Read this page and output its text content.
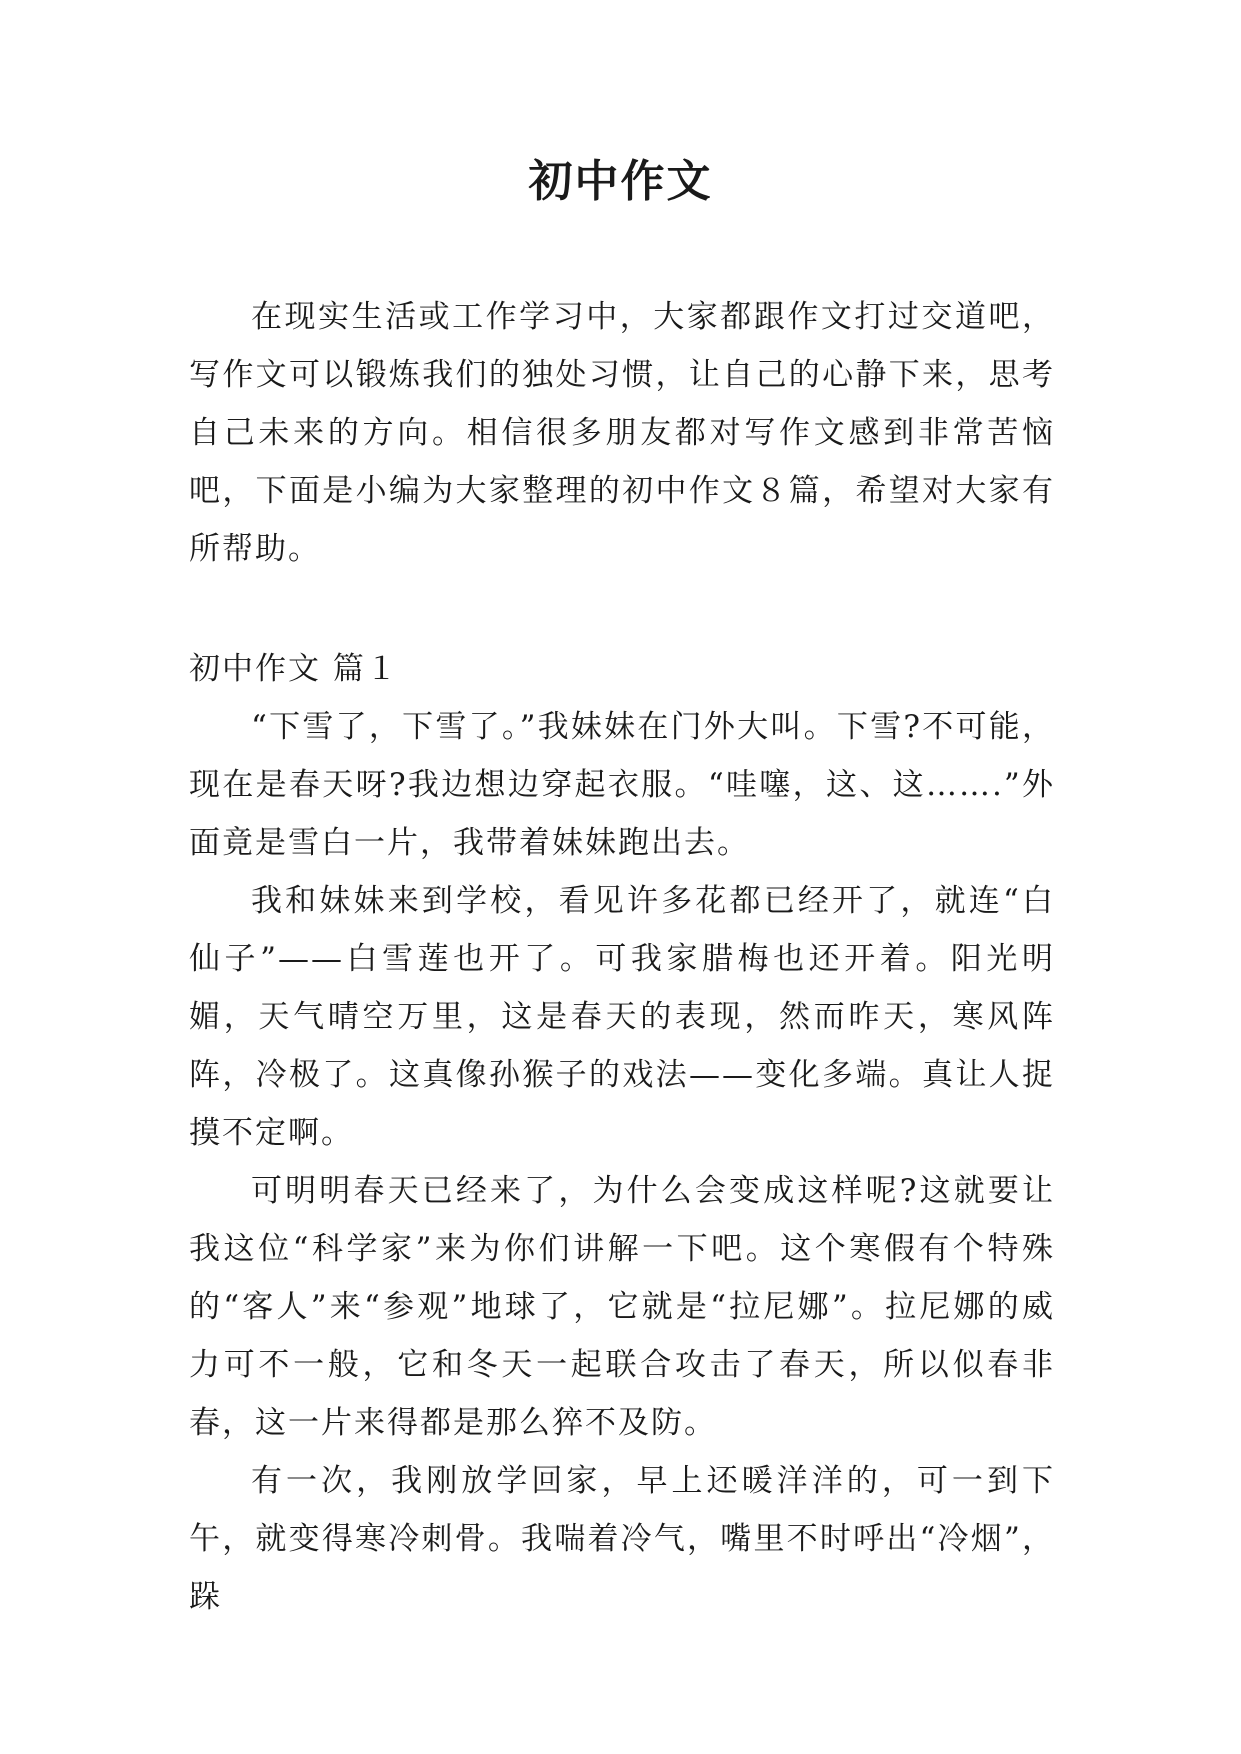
初中作文

在现实生活或工作学习中，大家都跟作文打过交道吧，写作文可以锻炼我们的独处习惯，让自己的心静下来，思考自己未来的方向。相信很多朋友都对写作文感到非常苦恼吧，下面是小编为大家整理的初中作文８篇，希望对大家有所帮助。

初中作文 篇１

“下雪了，下雪了。”我妹妹在门外大叫。下雪?不可能，现在是春天呀?我边想边穿起衣服。“哇噻，这、这…….”外面竟是雪白一片，我带着妹妹跑出去。

我和妹妹来到学校，看见许多花都已经开了，就连“白仙子”——白雪莲也开了。可我家腊梅也还开着。阳光明媚，天气晴空万里，这是春天的表现，然而昨天，寒风阵阵，冷极了。这真像孙猴子的戏法——变化多端。真让人捉摸不定啊。

可明明春天已经来了，为什么会变成这样呢?这就要让我这位“科学家”来为你们讲解一下吧。这个寒假有个特殊的“客人”来“参观”地球了，它就是“拉尼娜”。拉尼娜的威力可不一般，它和冬天一起联合攻击了春天，所以似春非春，这一片来得都是那么猝不及防。

有一次，我刚放学回家，早上还暖洋洋的，可一到下午，就变得寒冷刺骨。我喘着冷气，嘴里不时呼出“冷烟”，跺
